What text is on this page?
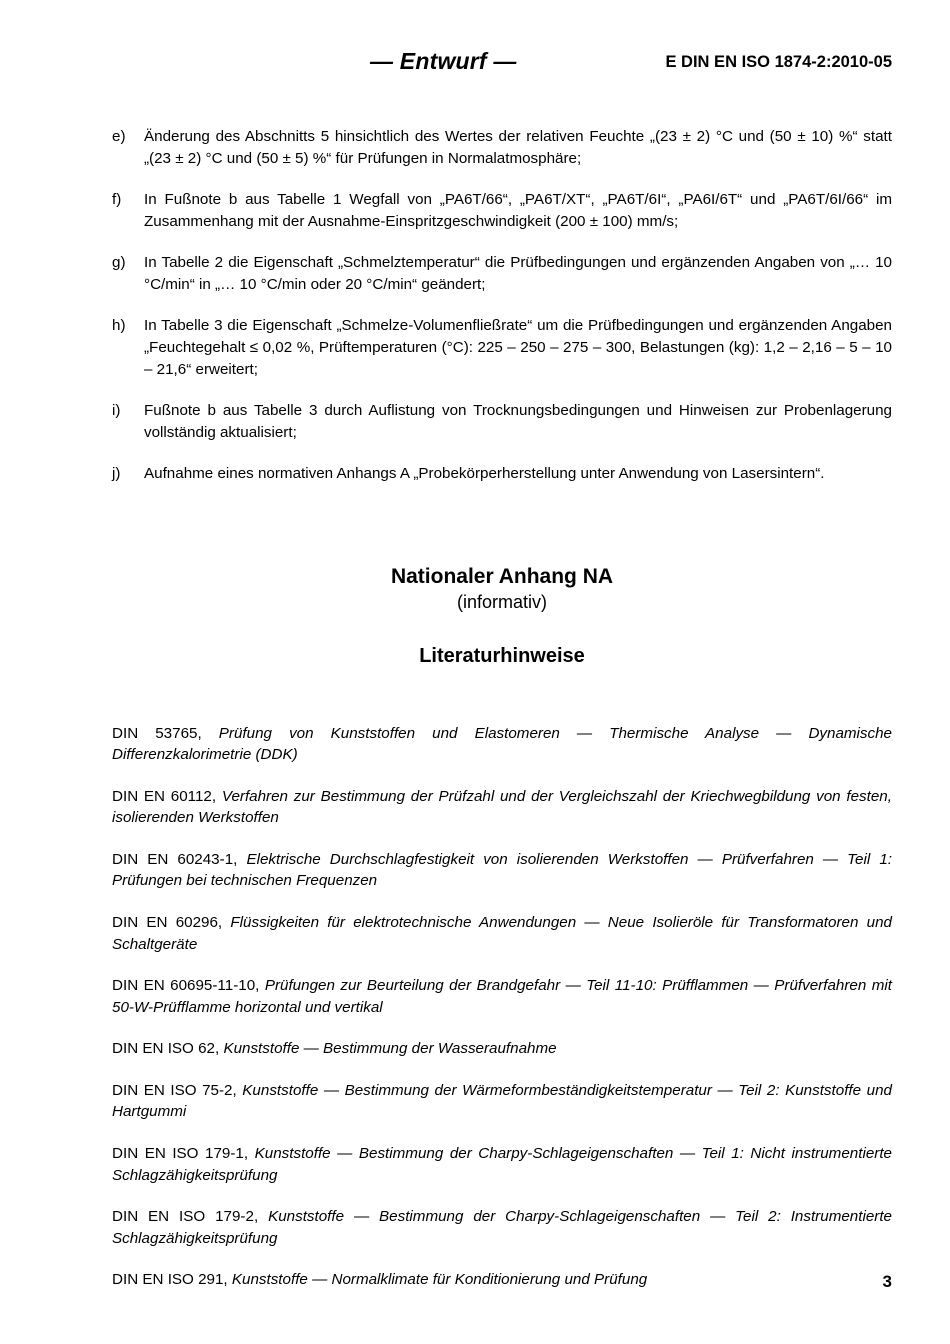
— Entwurf —	E DIN EN ISO 1874-2:2010-05
e) Änderung des Abschnitts 5 hinsichtlich des Wertes der relativen Feuchte „(23 ± 2) °C und (50 ± 10) %“ statt „(23 ± 2) °C und (50 ± 5) %“ für Prüfungen in Normalatmosphäre;
f) In Fußnote b aus Tabelle 1 Wegfall von „PA6T/66“, „PA6T/XT“, „PA6T/6I“, „PA6I/6T“ und „PA6T/6I/66“ im Zusammenhang mit der Ausnahme-Einspritzgeschwindigkeit (200 ± 100) mm/s;
g) In Tabelle 2 die Eigenschaft „Schmelztemperatur“ die Prüfbedingungen und ergänzenden Angaben von „… 10 °C/min“ in „… 10 °C/min oder 20 °C/min“ geändert;
h) In Tabelle 3 die Eigenschaft „Schmelze-Volumenfließrate“ um die Prüfbedingungen und ergänzenden Angaben „Feuchtegehalt ≤ 0,02 %, Prüftemperaturen (°C): 225 – 250 – 275 – 300, Belastungen (kg): 1,2 – 2,16 – 5 – 10 – 21,6“ erweitert;
i) Fußnote b aus Tabelle 3 durch Auflistung von Trocknungsbedingungen und Hinweisen zur Probenlagerung vollständig aktualisiert;
j) Aufnahme eines normativen Anhangs A „Probekörperherstellung unter Anwendung von Lasersintern“.
Nationaler Anhang NA
(informativ)
Literaturhinweise
DIN 53765, Prüfung von Kunststoffen und Elastomeren — Thermische Analyse — Dynamische Differenzkalorimetrie (DDK)
DIN EN 60112, Verfahren zur Bestimmung der Prüfzahl und der Vergleichszahl der Kriechwegbildung von festen, isolierenden Werkstoffen
DIN EN 60243-1, Elektrische Durchschlagfestigkeit von isolierenden Werkstoffen — Prüfverfahren — Teil 1: Prüfungen bei technischen Frequenzen
DIN EN 60296, Flüssigkeiten für elektrotechnische Anwendungen — Neue Isolieröle für Transformatoren und Schaltgeräte
DIN EN 60695-11-10, Prüfungen zur Beurteilung der Brandgefahr — Teil 11-10: Prüfflammen — Prüfverfahren mit 50-W-Prüfflamme horizontal und vertikal
DIN EN ISO 62, Kunststoffe — Bestimmung der Wasseraufnahme
DIN EN ISO 75-2, Kunststoffe — Bestimmung der Wärmeformbeständigkeitstemperatur — Teil 2: Kunststoffe und Hartgummi
DIN EN ISO 179-1, Kunststoffe — Bestimmung der Charpy-Schlageigenschaften — Teil 1: Nicht instrumentierte Schlagzähigkeitsprüfung
DIN EN ISO 179-2, Kunststoffe — Bestimmung der Charpy-Schlageigenschaften — Teil 2: Instrumentierte Schlagzähigkeitsprüfung
DIN EN ISO 291, Kunststoffe — Normalklimate für Konditionierung und Prüfung	3
